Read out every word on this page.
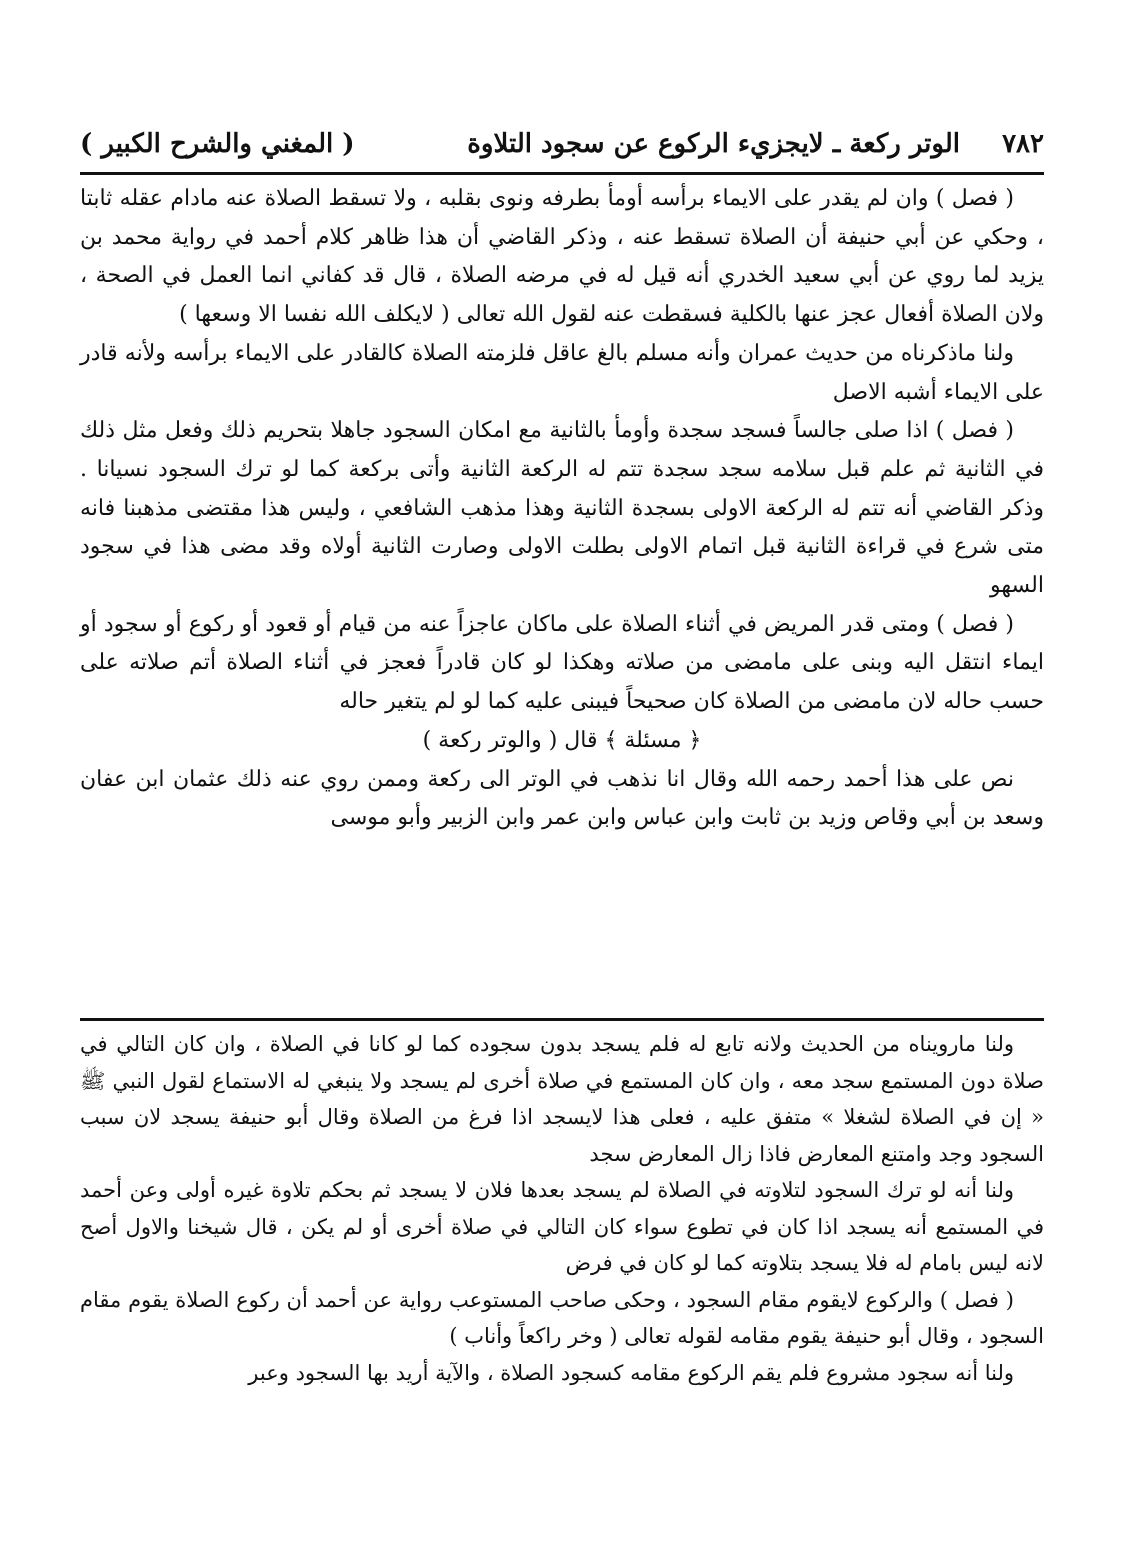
٧٨٢
الوتر ركعة ـ لايجزيء الركوع عن سجود التلاوة
( المغني والشرح الكبير )

( فصل ) وان لم يقدر على الايماء برأسه أومأ بطرفه ونوى بقلبه ، ولا تسقط الصلاة عنه مادام عقله ثابتا ، وحكي عن أبي حنيفة أن الصلاة تسقط عنه ، وذكر القاضي أن هذا ظاهر كلام أحمد في رواية محمد بن يزيد لما روي عن أبي سعيد الخدري أنه قيل له في مرضه الصلاة ، قال قد كفاني انما العمل في الصحة ، ولان الصلاة أفعال عجز عنها بالكلية فسقطت عنه لقول الله تعالى ( لايكلف الله نفسا الا وسعها )

ولنا ماذكرناه من حديث عمران وأنه مسلم بالغ عاقل فلزمته الصلاة كالقادر على الايماء برأسه ولأنه قادر على الايماء أشبه الاصل

( فصل ) اذا صلى جالساً فسجد سجدة وأومأ بالثانية مع امكان السجود جاهلا بتحريم ذلك وفعل مثل ذلك في الثانية ثم علم قبل سلامه سجد سجدة تتم له الركعة الثانية وأتى بركعة كما لو ترك السجود نسيانا . وذكر القاضي أنه تتم له الركعة الاولى بسجدة الثانية وهذا مذهب الشافعي ، وليس هذا مقتضى مذهبنا فانه متى شرع في قراءة الثانية قبل اتمام الاولى بطلت الاولى وصارت الثانية أولاه وقد مضى هذا في سجود السهو

( فصل ) ومتى قدر المريض في أثناء الصلاة على ماكان عاجزاً عنه من قيام أو قعود أو ركوع أو سجود أو ايماء انتقل اليه وبنى على مامضى من صلاته وهكذا لو كان قادراً فعجز في أثناء الصلاة أتم صلاته على حسب حاله لان مامضى من الصلاة كان صحيحاً فيبنى عليه كما لو لم يتغير حاله

﴿ مسئلة ﴾ قال ( والوتر ركعة )

نص على هذا أحمد رحمه الله وقال انا نذهب في الوتر الى ركعة وممن روي عنه ذلك عثمان ابن عفان وسعد بن أبي وقاص وزيد بن ثابت وابن عباس وابن عمر وابن الزبير وأبو موسى

ولنا مارويناه من الحديث ولانه تابع له فلم يسجد بدون سجوده كما لو كانا في الصلاة ، وان كان التالي في صلاة دون المستمع سجد معه ، وان كان المستمع في صلاة أخرى لم يسجد ولا ينبغي له الاستماع لقول النبي ﷺ « إن في الصلاة لشغلا » متفق عليه ، فعلى هذا لايسجد اذا فرغ من الصلاة وقال أبو حنيفة يسجد لان سبب السجود وجد وامتنع المعارض فاذا زال المعارض سجد

ولنا أنه لو ترك السجود لتلاوته في الصلاة لم يسجد بعدها فلان لا يسجد ثم بحكم تلاوة غيره أولى وعن أحمد في المستمع أنه يسجد اذا كان في تطوع سواء كان التالي في صلاة أخرى أو لم يكن ، قال شيخنا والاول أصح لانه ليس بامام له فلا يسجد بتلاوته كما لو كان في فرض

( فصل ) والركوع لايقوم مقام السجود ، وحكى صاحب المستوعب رواية عن أحمد أن ركوع الصلاة يقوم مقام السجود ، وقال أبو حنيفة يقوم مقامه لقوله تعالى ( وخر راكعاً وأناب )

ولنا أنه سجود مشروع فلم يقم الركوع مقامه كسجود الصلاة ، والآية أريد بها السجود وعبر
